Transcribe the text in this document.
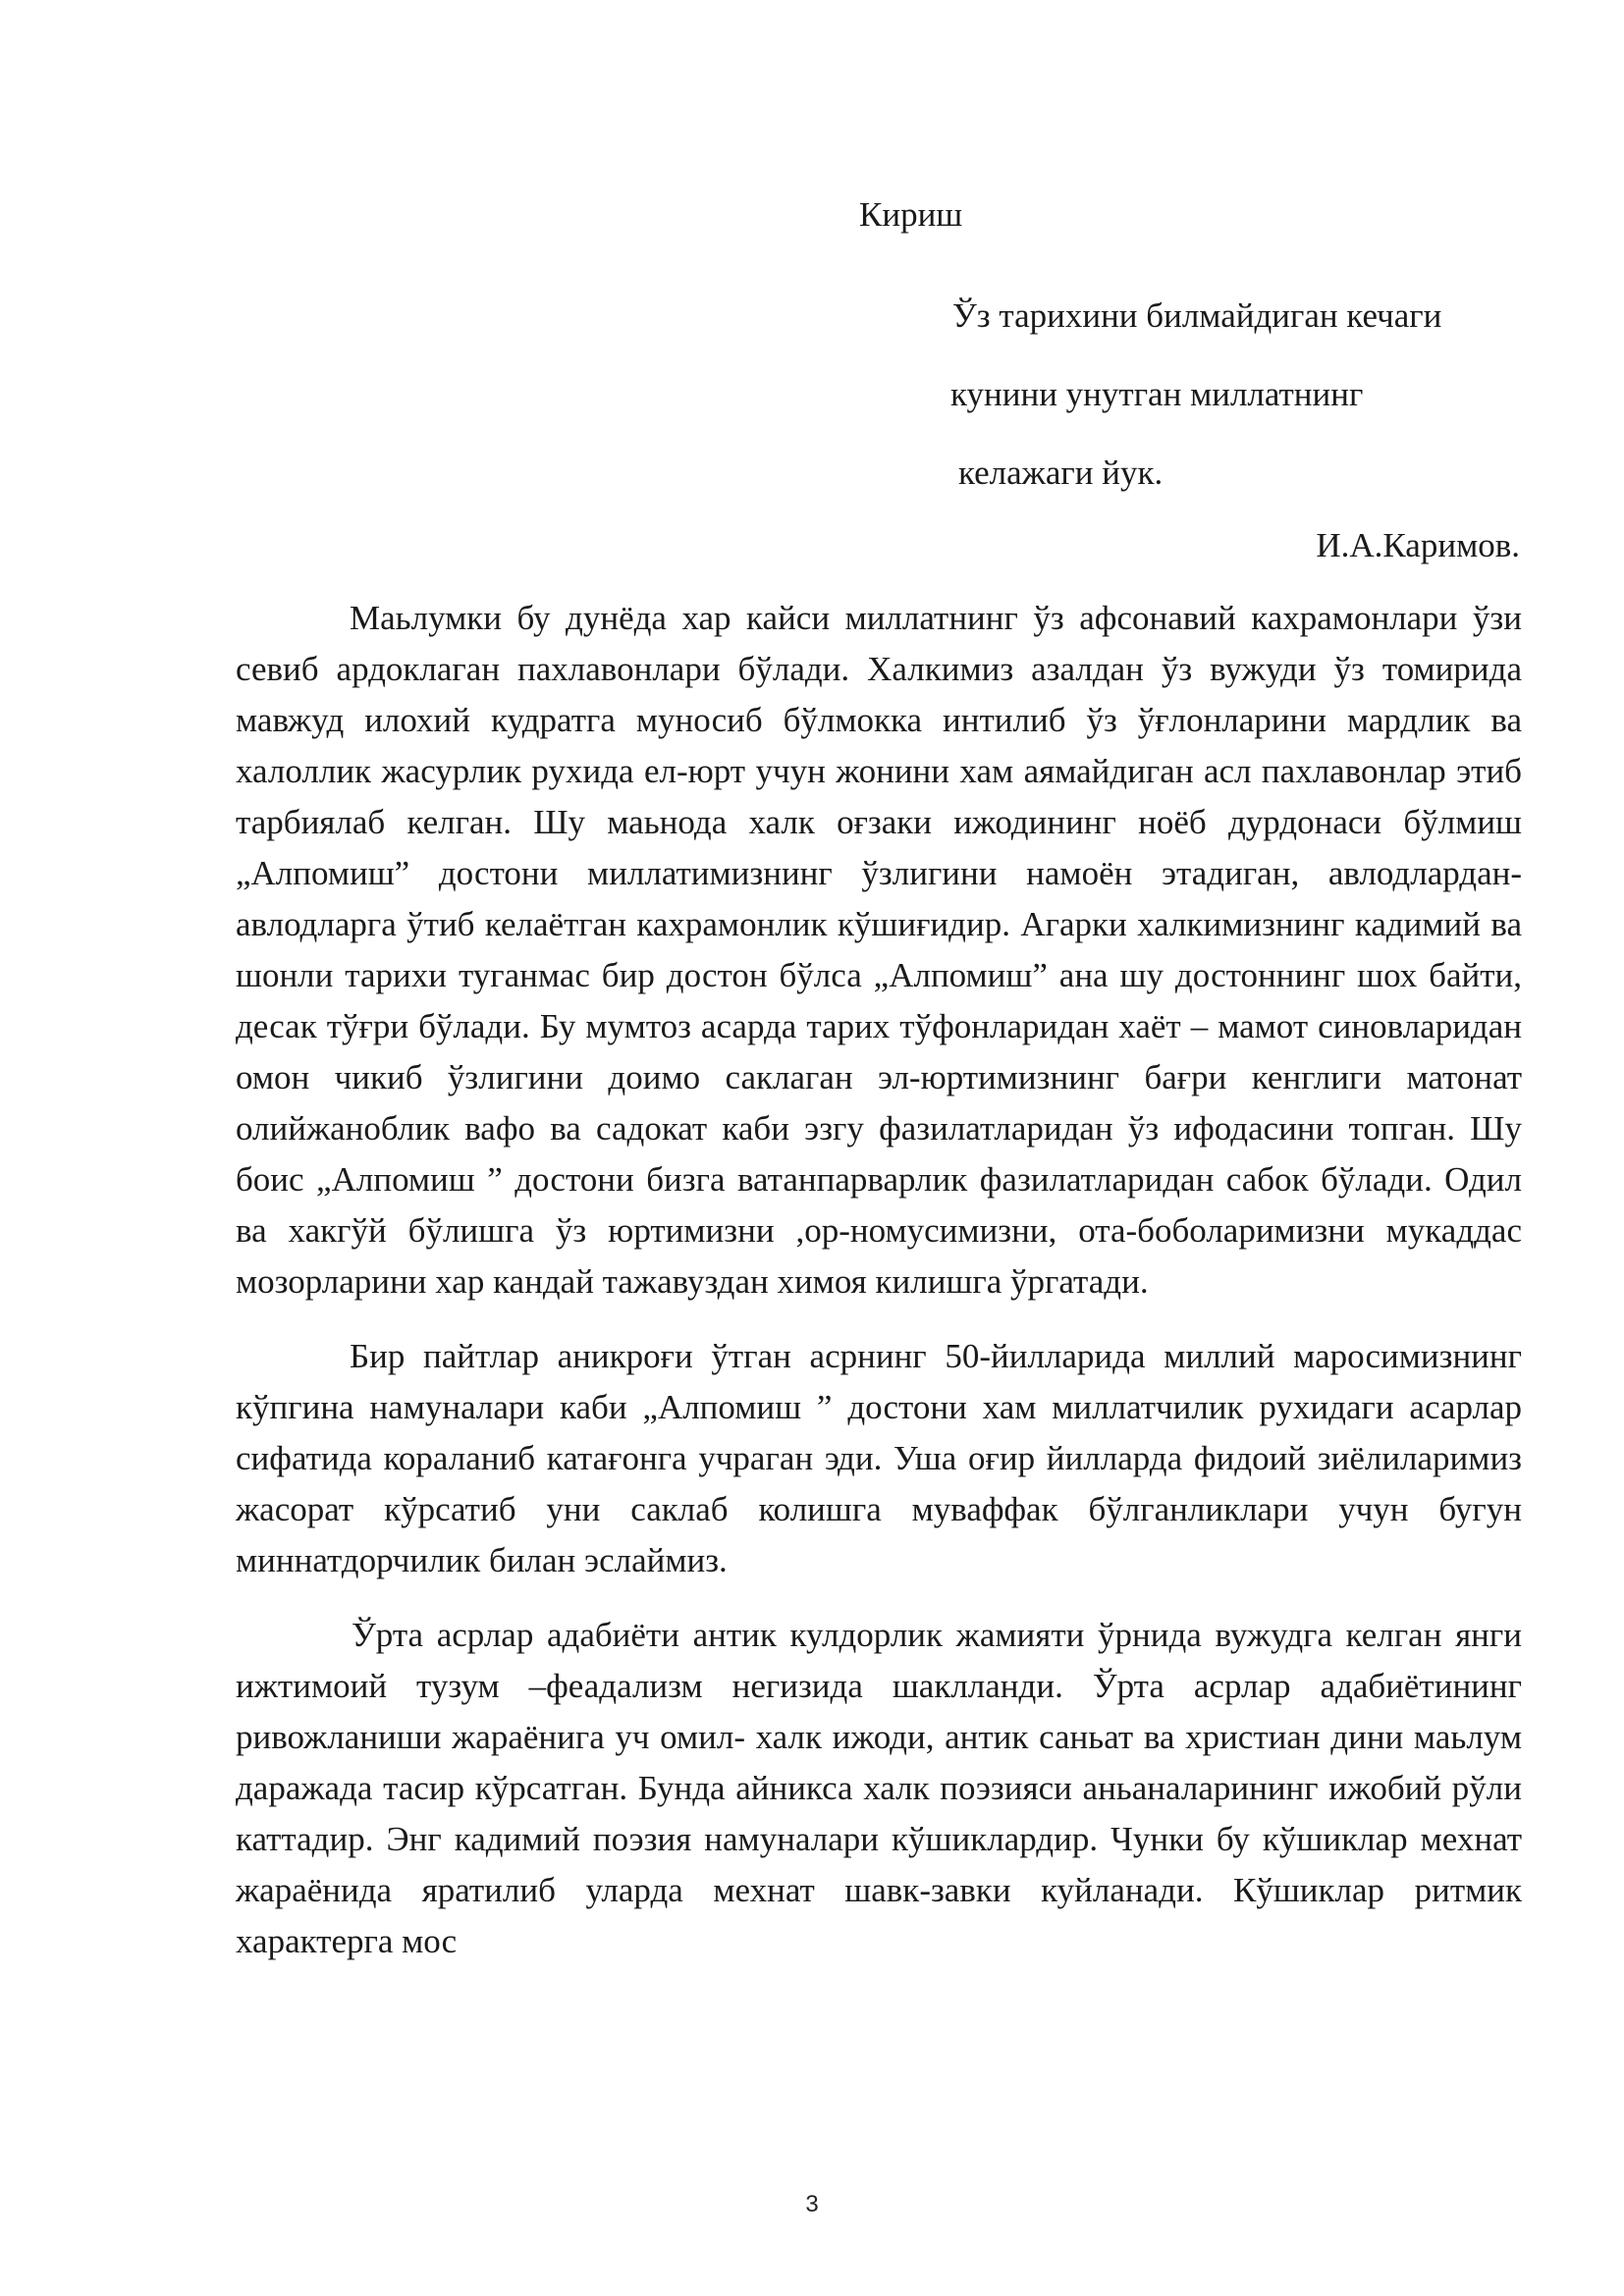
Кириш
Ўз тарихини билмайдиган кечаги
кунини унутган миллатнинг
келажаги йук.
И.А.Каримов.

Маьлумки бу дунёда хар кайси миллатнинг ўз афсонавий кахрамонлари ўзи севиб ардоклаган пахлавонлари бўлади. Халкимиз азалдан ўз вужуди ўз томирида мавжуд илохий кудратга муносиб бўлмокка интилиб ўз ўғлонларини мардлик ва халоллик жасурлик рухида ел-юрт учун жонини хам аямайдиган асл пахлавонлар этиб тарбиялаб келган. Шу маьнода халк оғзаки ижодининг ноёб дурдонаси бўлмиш „Алпомиш” достони миллатимизнинг ўзлигини намоён этадиган, авлодлардан-авлодларга ўтиб келаётган кахрамонлик кўшиғидир. Агарки халкимизнинг кадимий ва шонли тарихи туганмас бир достон бўлса „Алпомиш” ана шу достоннинг шох байти, десак тўғри бўлади. Бу мумтоз асарда тарих тўфонларидан хаёт – мамот синовларидан омон чикиб ўзлигини доимо саклаган эл-юртимизнинг бағри кенглиги матонат олийжаноблик вафо ва садокат каби эзгу фазилатларидан ўз ифодасини топган. Шу боис „Алпомиш ” достони бизга ватанпарварлик фазилатларидан сабок бўлади. Одил ва хакгўй бўлишга ўз юртимизни ,ор-номусимизни, ота-боболаримизни мукаддас мозорларини хар кандай тажавуздан химоя килишга ўргатади.

Бир пайтлар аникроғи ўтган асрнинг 50-йилларида миллий маросимизнинг кўпгина намуналари каби „Алпомиш ” достони хам миллатчилик рухидаги асарлар сифатида кораланиб катағонга учраган эди. Уша оғир йилларда фидоий зиёлиларимиз жасорат кўрсатиб уни саклаб колишга муваффак бўлганликлари учун бугун миннатдорчилик билан эслаймиз.

Ўрта асрлар адабиёти антик кулдорлик жамияти ўрнида вужудга келган янги ижтимоий тузум –феадализм негизида шаклланди. Ўрта асрлар адабиётининг ривожланиши жараёнига уч омил- халк ижоди, антик саньат ва христиан дини маьлум даражада тасир кўрсатган. Бунда айникса халк поэзияси аньаналарининг ижобий рўли каттадир. Энг кадимий поэзия намуналари кўшиклардир. Чунки бу кўшиклар мехнат жараёнида яратилиб уларда мехнат шавк-завки куйланади. Кўшиклар ритмик характерга мос

3
